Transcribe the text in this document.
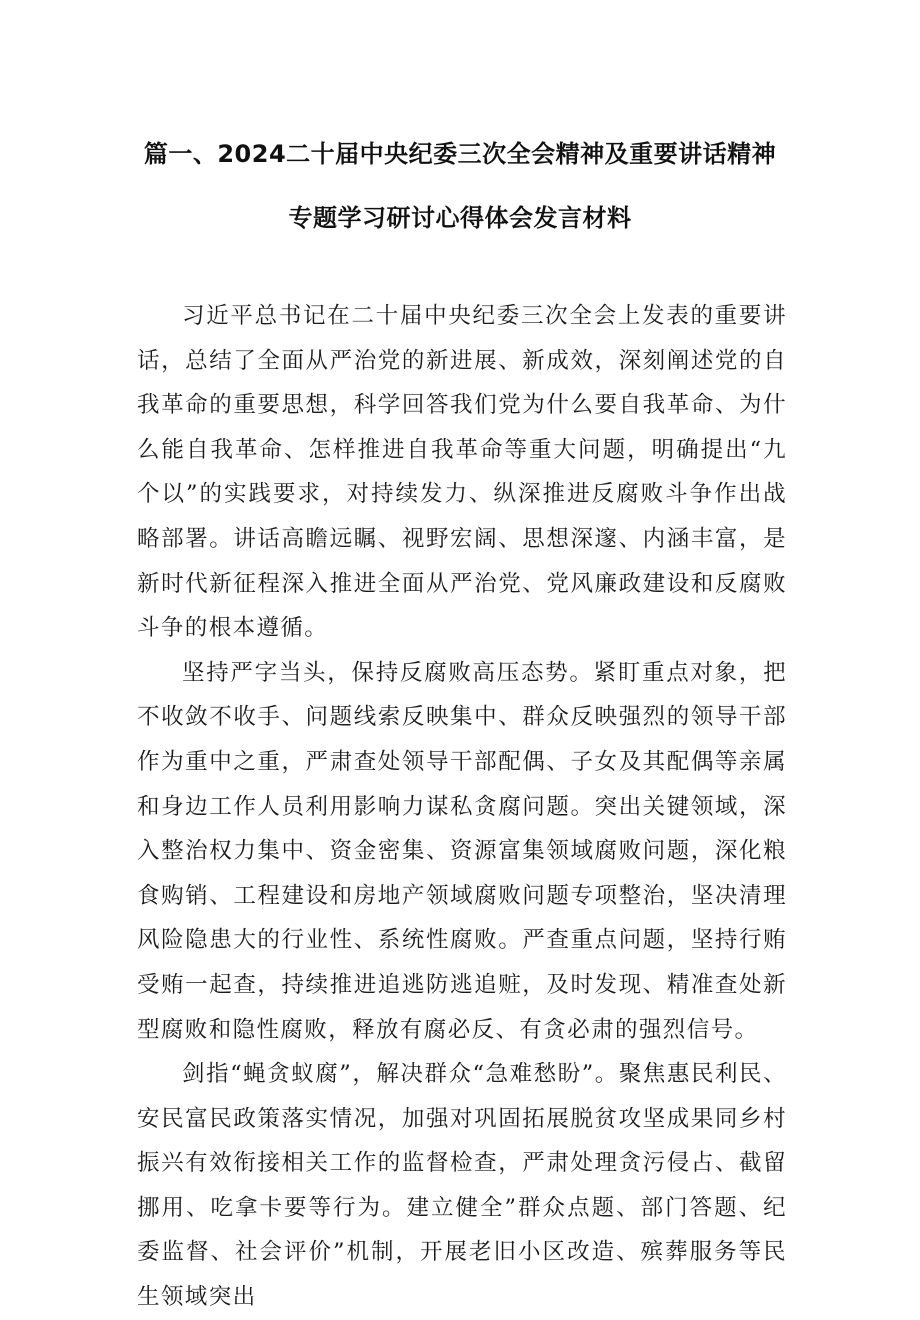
篇一、2024二十届中央纪委三次全会精神及重要讲话精神
专题学习研讨心得体会发言材料

习近平总书记在二十届中央纪委三次全会上发表的重要讲话，总结了全面从严治党的新进展、新成效，深刻阐述党的自我革命的重要思想，科学回答我们党为什么要自我革命、为什么能自我革命、怎样推进自我革命等重大问题，明确提出“九个以”的实践要求，对持续发力、纵深推进反腐败斗争作出战略部署。讲话高瞻远瞩、视野宏阔、思想深邃、内涵丰富，是新时代新征程深入推进全面从严治党、党风廉政建设和反腐败斗争的根本遵循。

坚持严字当头，保持反腐败高压态势。紧盯重点对象，把不收敛不收手、问题线索反映集中、群众反映强烈的领导干部作为重中之重，严肃查处领导干部配偶、子女及其配偶等亲属和身边工作人员利用影响力谋私贪腐问题。突出关键领域，深入整治权力集中、资金密集、资源富集领域腐败问题，深化粮食购销、工程建设和房地产领域腐败问题专项整治，坚决清理风险隐患大的行业性、系统性腐败。严查重点问题，坚持行贿受贿一起查，持续推进追逃防逃追赃，及时发现、精准查处新型腐败和隐性腐败，释放有腐必反、有贪必肃的强烈信号。

剑指“蝇贪蚁腐”，解决群众“急难愁盼”。聚焦惠民利民、安民富民政策落实情况，加强对巩固拓展脱贫攻坚成果同乡村振兴有效衔接相关工作的监督检查，严肃处理贪污侵占、截留挪用、吃拿卡要等行为。建立健全”群众点题、部门答题、纪委监督、社会评价”机制，开展老旧小区改造、殡葬服务等民生领域突出
